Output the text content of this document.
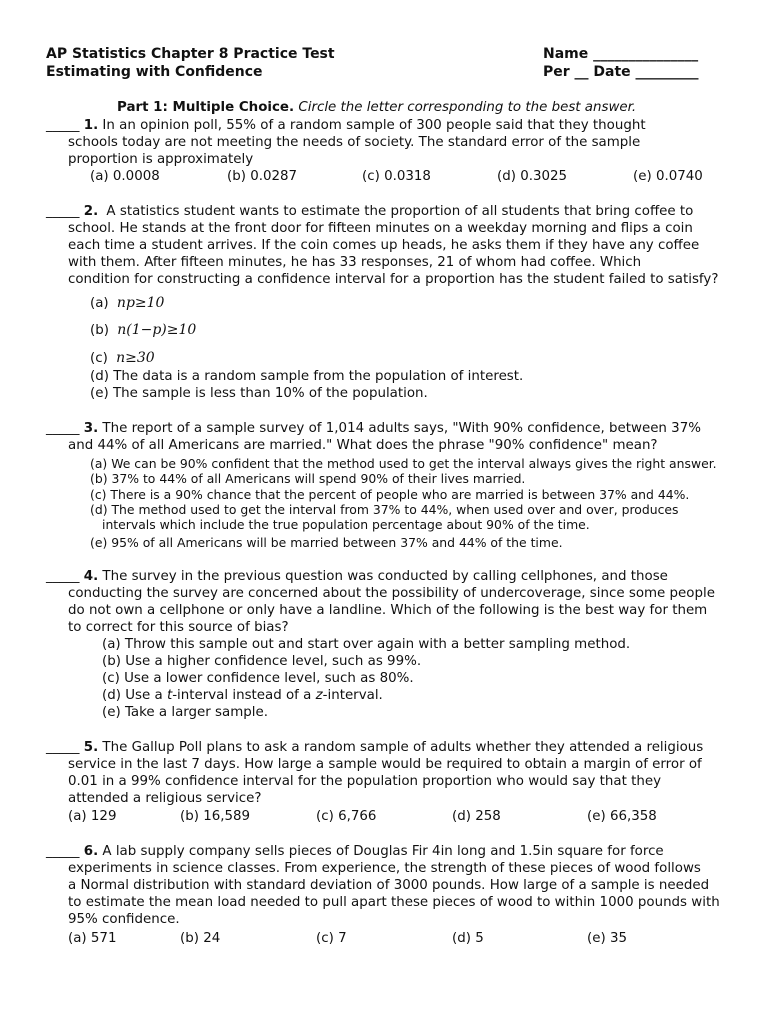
AP Statistics Chapter 8 Practice Test
Estimating with Confidence
Name _______________
Per __ Date _________
Part 1: Multiple Choice. Circle the letter corresponding to the best answer.
_____ 1. In an opinion poll, 55% of a random sample of 300 people said that they thought
schools today are not meeting the needs of society. The standard error of the sample
proportion is approximately
(a) 0.0008	(b) 0.0287	(c) 0.0318	(d) 0.3025	(e) 0.0740
_____ 2. A statistics student wants to estimate the proportion of all students that bring coffee to
school. He stands at the front door for fifteen minutes on a weekday morning and flips a coin
each time a student arrives. If the coin comes up heads, he asks them if they have any coffee
with them. After fifteen minutes, he has 33 responses, 21 of whom had coffee. Which
condition for constructing a confidence interval for a proportion has the student failed to satisfy?
(a) np≥10
(b) n(1−p)≥10
(c) n≥30
(d) The data is a random sample from the population of interest.
(e) The sample is less than 10% of the population.
_____ 3. The report of a sample survey of 1,014 adults says, "With 90% confidence, between 37%
and 44% of all Americans are married." What does the phrase "90% confidence" mean?
(a) We can be 90% confident that the method used to get the interval always gives the right answer.
(b) 37% to 44% of all Americans will spend 90% of their lives married.
(c) There is a 90% chance that the percent of people who are married is between 37% and 44%.
(d) The method used to get the interval from 37% to 44%, when used over and over, produces
intervals which include the true population percentage about 90% of the time.
(e) 95% of all Americans will be married between 37% and 44% of the time.
_____ 4. The survey in the previous question was conducted by calling cellphones, and those
conducting the survey are concerned about the possibility of undercoverage, since some people
do not own a cellphone or only have a landline. Which of the following is the best way for them
to correct for this source of bias?
(a) Throw this sample out and start over again with a better sampling method.
(b) Use a higher confidence level, such as 99%.
(c) Use a lower confidence level, such as 80%.
(d) Use a t-interval instead of a z-interval.
(e) Take a larger sample.
_____ 5. The Gallup Poll plans to ask a random sample of adults whether they attended a religious
service in the last 7 days. How large a sample would be required to obtain a margin of error of
0.01 in a 99% confidence interval for the population proportion who would say that they
attended a religious service?
(a) 129	(b) 16,589	(c) 6,766	(d) 258	(e) 66,358
_____ 6. A lab supply company sells pieces of Douglas Fir 4in long and 1.5in square for force
experiments in science classes. From experience, the strength of these pieces of wood follows
a Normal distribution with standard deviation of 3000 pounds. How large of a sample is needed
to estimate the mean load needed to pull apart these pieces of wood to within 1000 pounds with
95% confidence.
(a) 571	(b) 24	(c) 7	(d) 5	(e) 35
